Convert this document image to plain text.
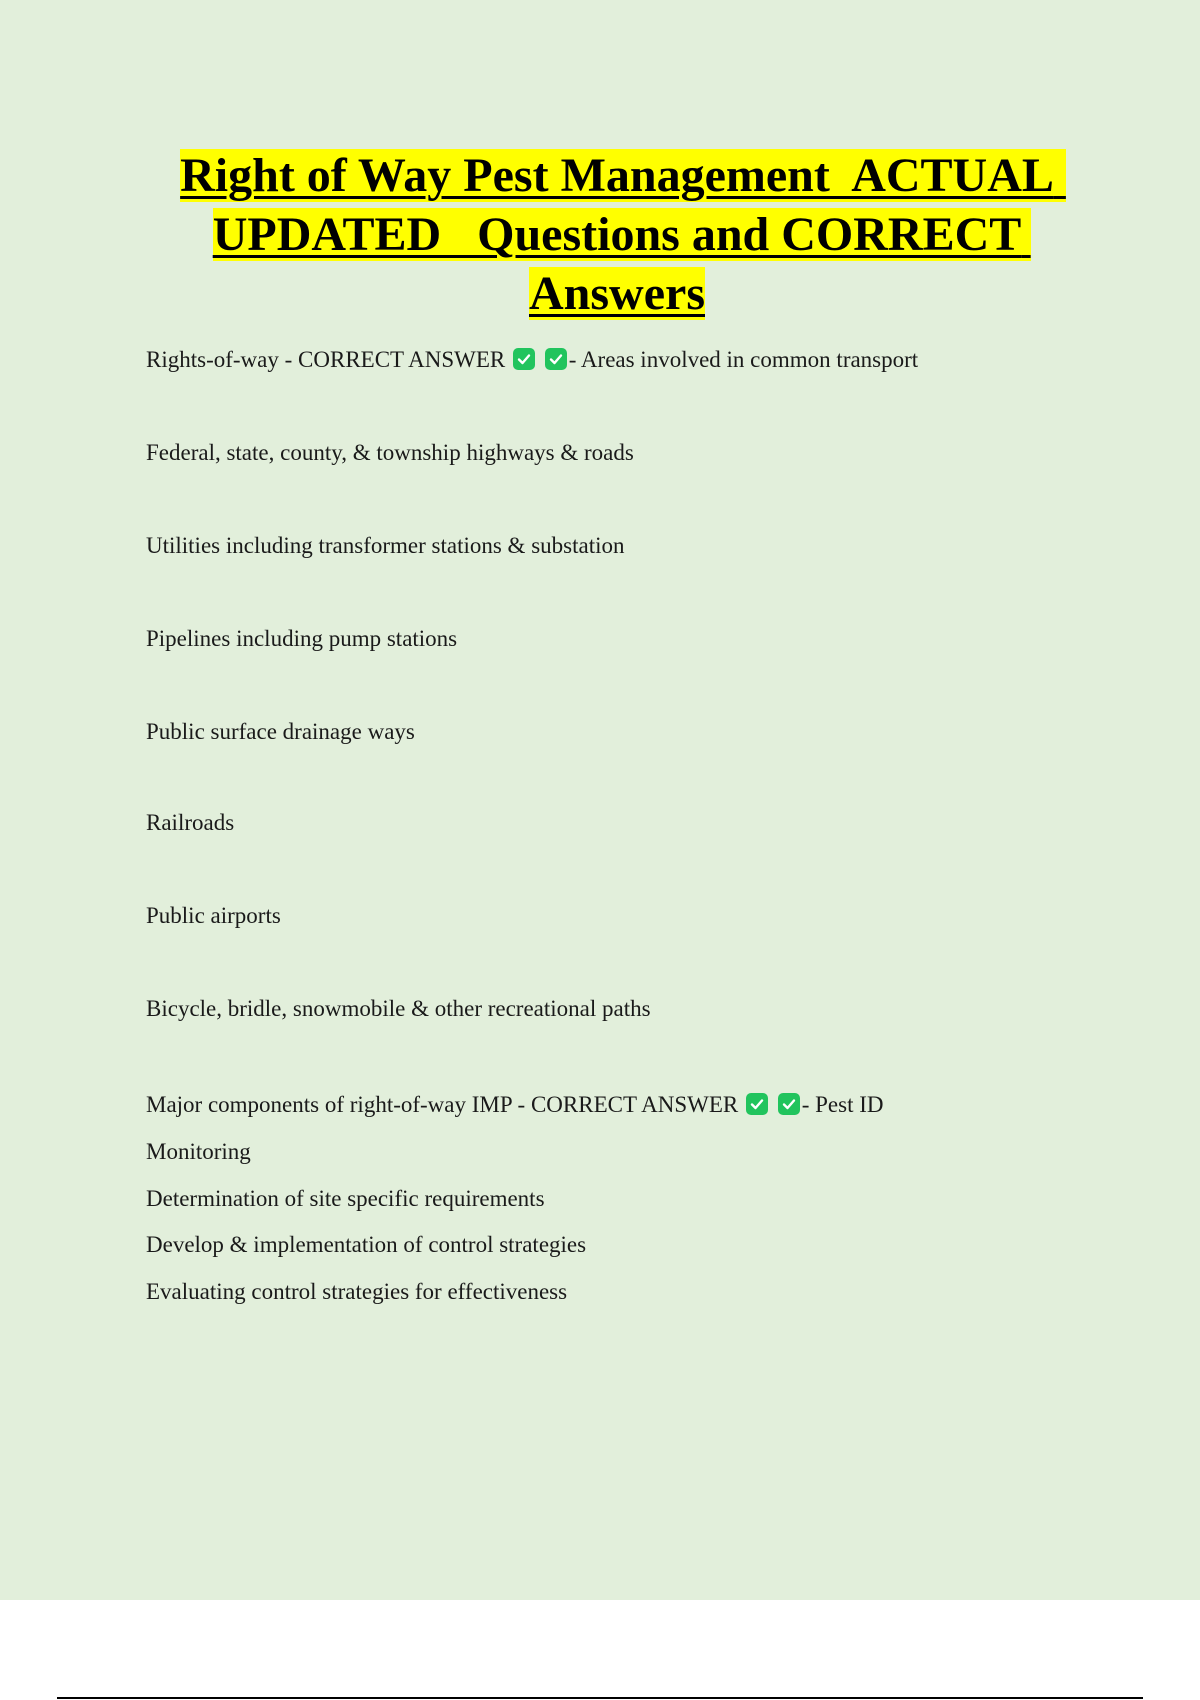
Right of Way Pest Management  ACTUAL UPDATED   Questions and CORRECT Answers

Rights-of-way - CORRECT ANSWER
	- Areas involved in common transport

Federal, state, county, & township highways & roads

Utilities including transformer stations & substation

Pipelines including pump stations

Public surface drainage ways

Railroads

Public airports

Bicycle, bridle, snowmobile & other recreational paths

Major components of right-of-way IMP - CORRECT ANSWER
	- Pest ID

Monitoring

Determination of site specific requirements

Develop & implementation of control strategies

Evaluating control strategies for effectiveness
